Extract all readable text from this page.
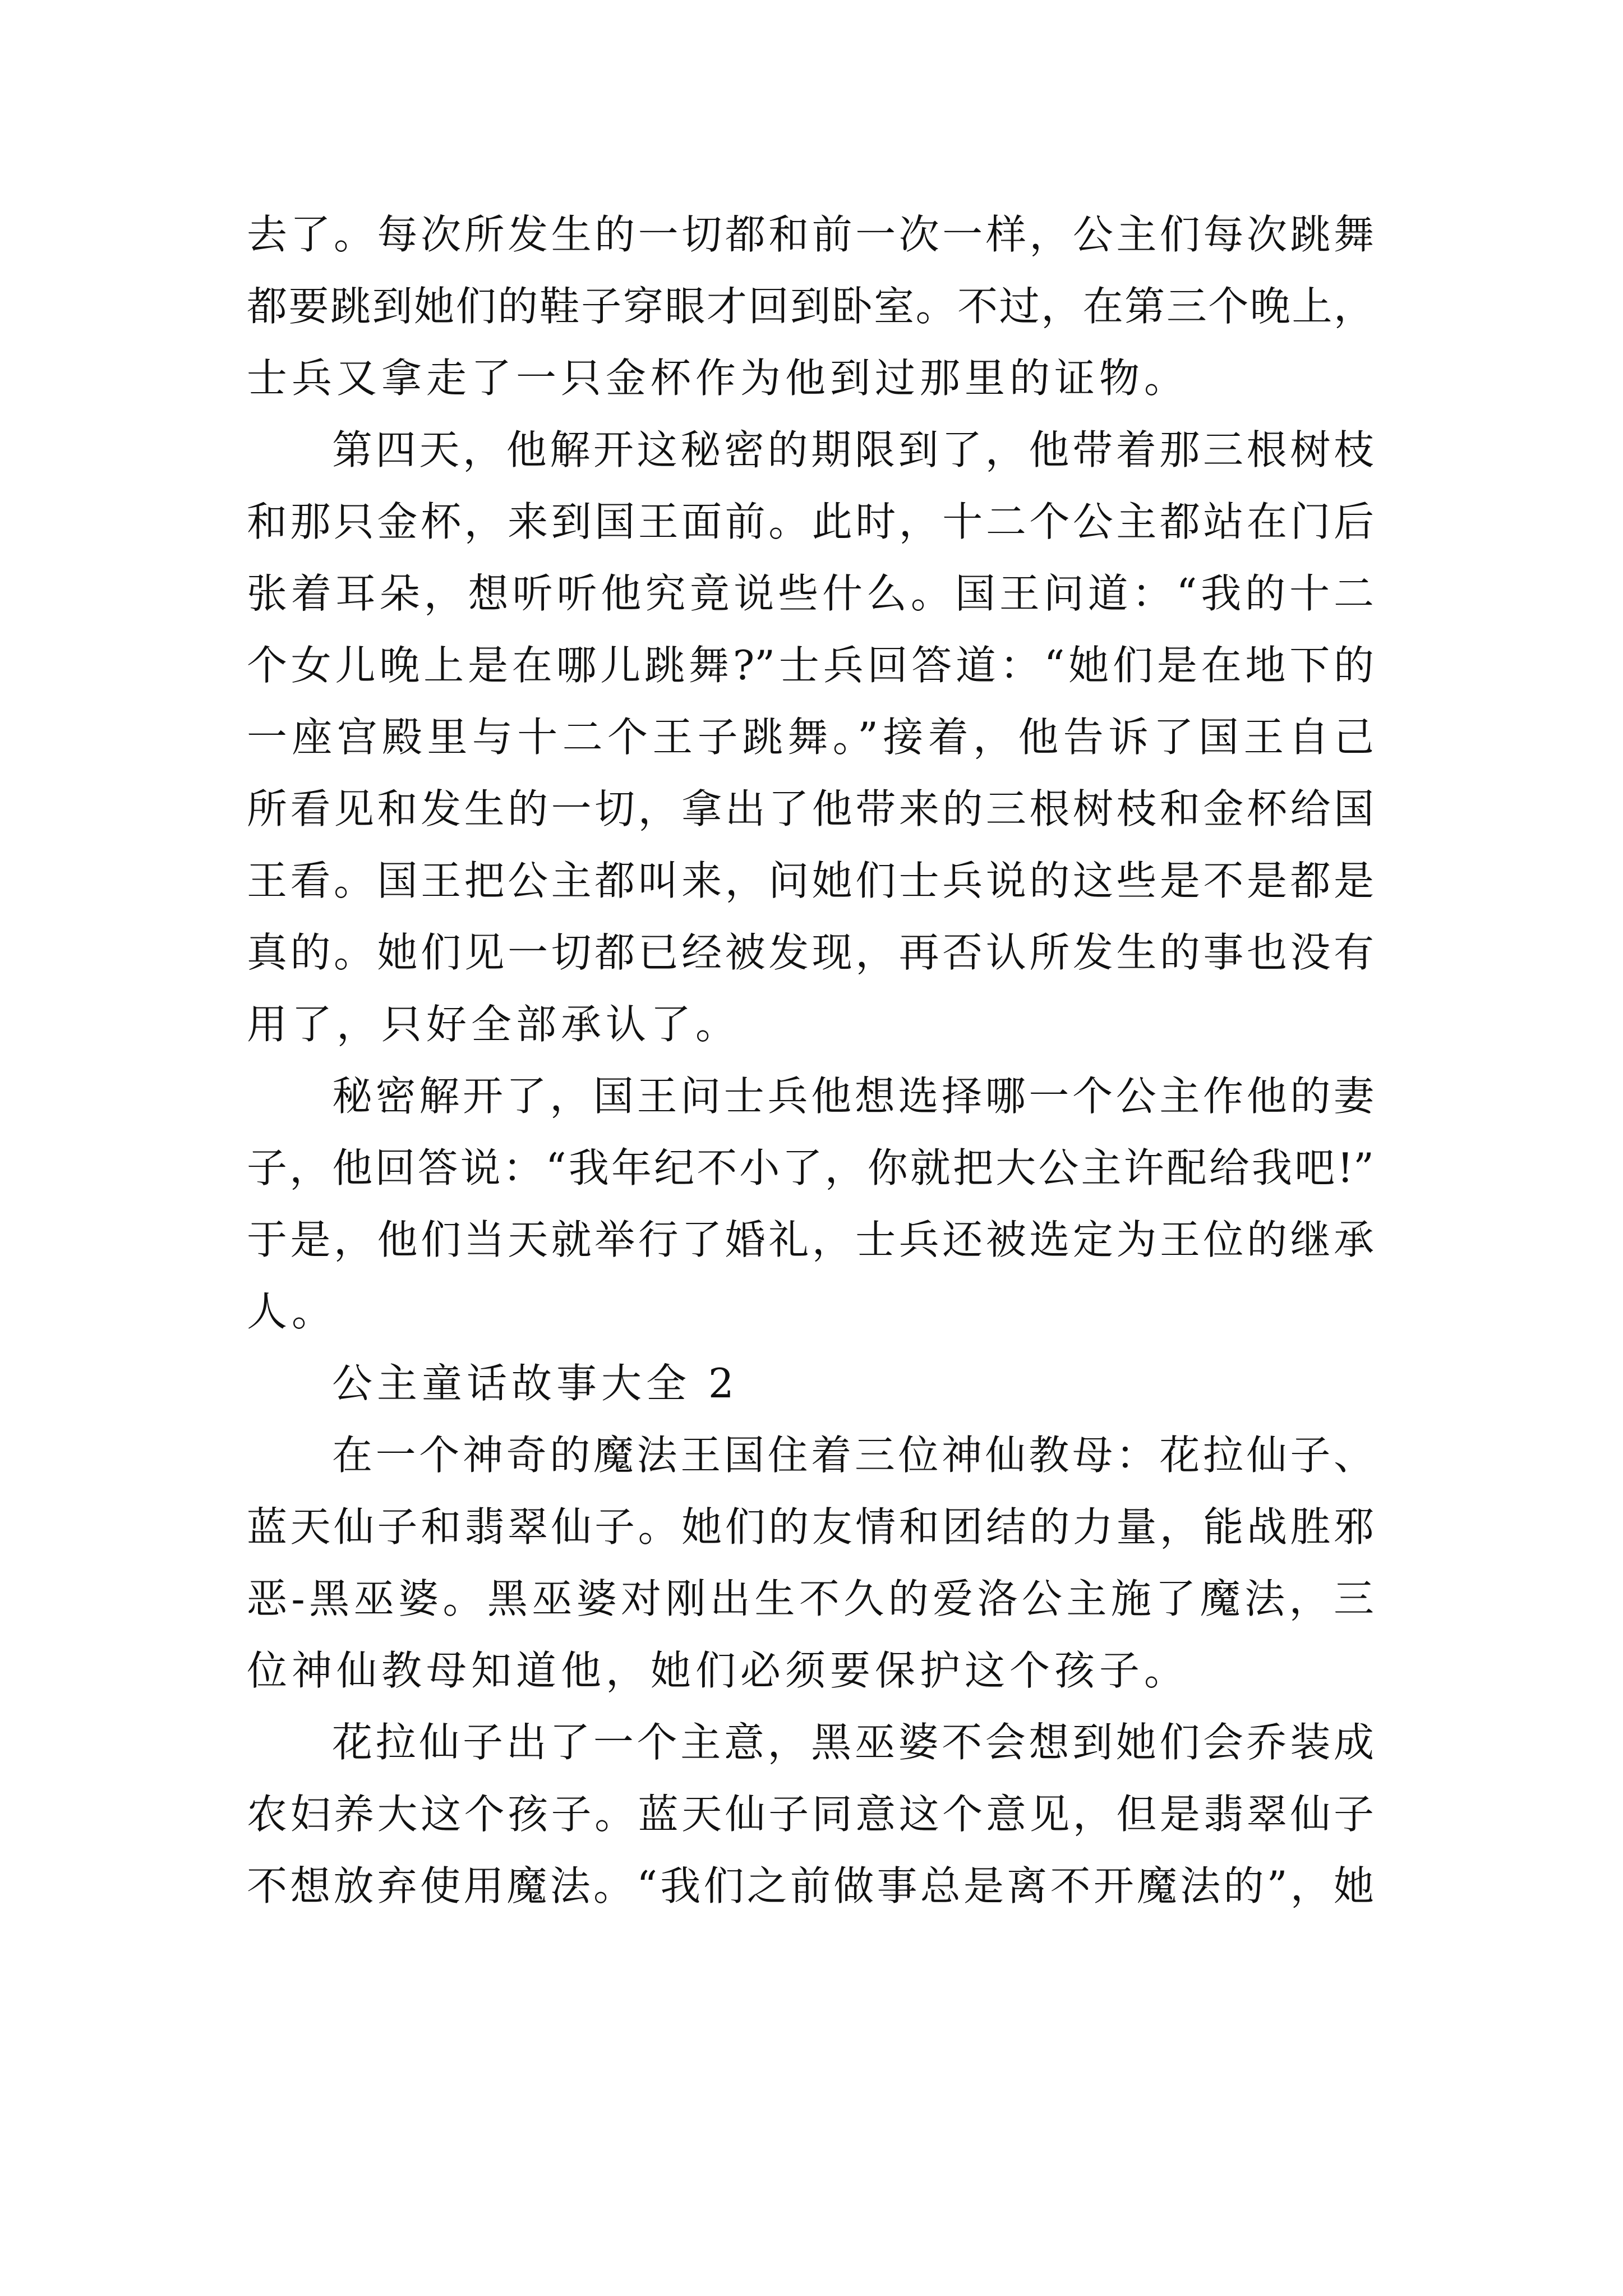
去了。每次所发生的一切都和前一次一样，公主们每次跳舞
都要跳到她们的鞋子穿眼才回到卧室。不过，在第三个晚上，
士兵又拿走了一只金杯作为他到过那里的证物。
第四天，他解开这秘密的期限到了，他带着那三根树枝
和那只金杯，来到国王面前。此时，十二个公主都站在门后
张着耳朵，想听听他究竟说些什么。国王问道：“我的十二
个女儿晚上是在哪儿跳舞?”士兵回答道：“她们是在地下的
一座宫殿里与十二个王子跳舞。”接着，他告诉了国王自己
所看见和发生的一切，拿出了他带来的三根树枝和金杯给国
王看。国王把公主都叫来，问她们士兵说的这些是不是都是
真的。她们见一切都已经被发现，再否认所发生的事也没有
用了，只好全部承认了。
秘密解开了，国王问士兵他想选择哪一个公主作他的妻
子，他回答说：“我年纪不小了，你就把大公主许配给我吧!”
于是，他们当天就举行了婚礼，士兵还被选定为王位的继承
人。
公主童话故事大全 2
在一个神奇的魔法王国住着三位神仙教母：花拉仙子、
蓝天仙子和翡翠仙子。她们的友情和团结的力量，能战胜邪
恶-黑巫婆。黑巫婆对刚出生不久的爱洛公主施了魔法，三
位神仙教母知道他，她们必须要保护这个孩子。
花拉仙子出了一个主意，黑巫婆不会想到她们会乔装成
农妇养大这个孩子。蓝天仙子同意这个意见，但是翡翠仙子
不想放弃使用魔法。“我们之前做事总是离不开魔法的”，她
